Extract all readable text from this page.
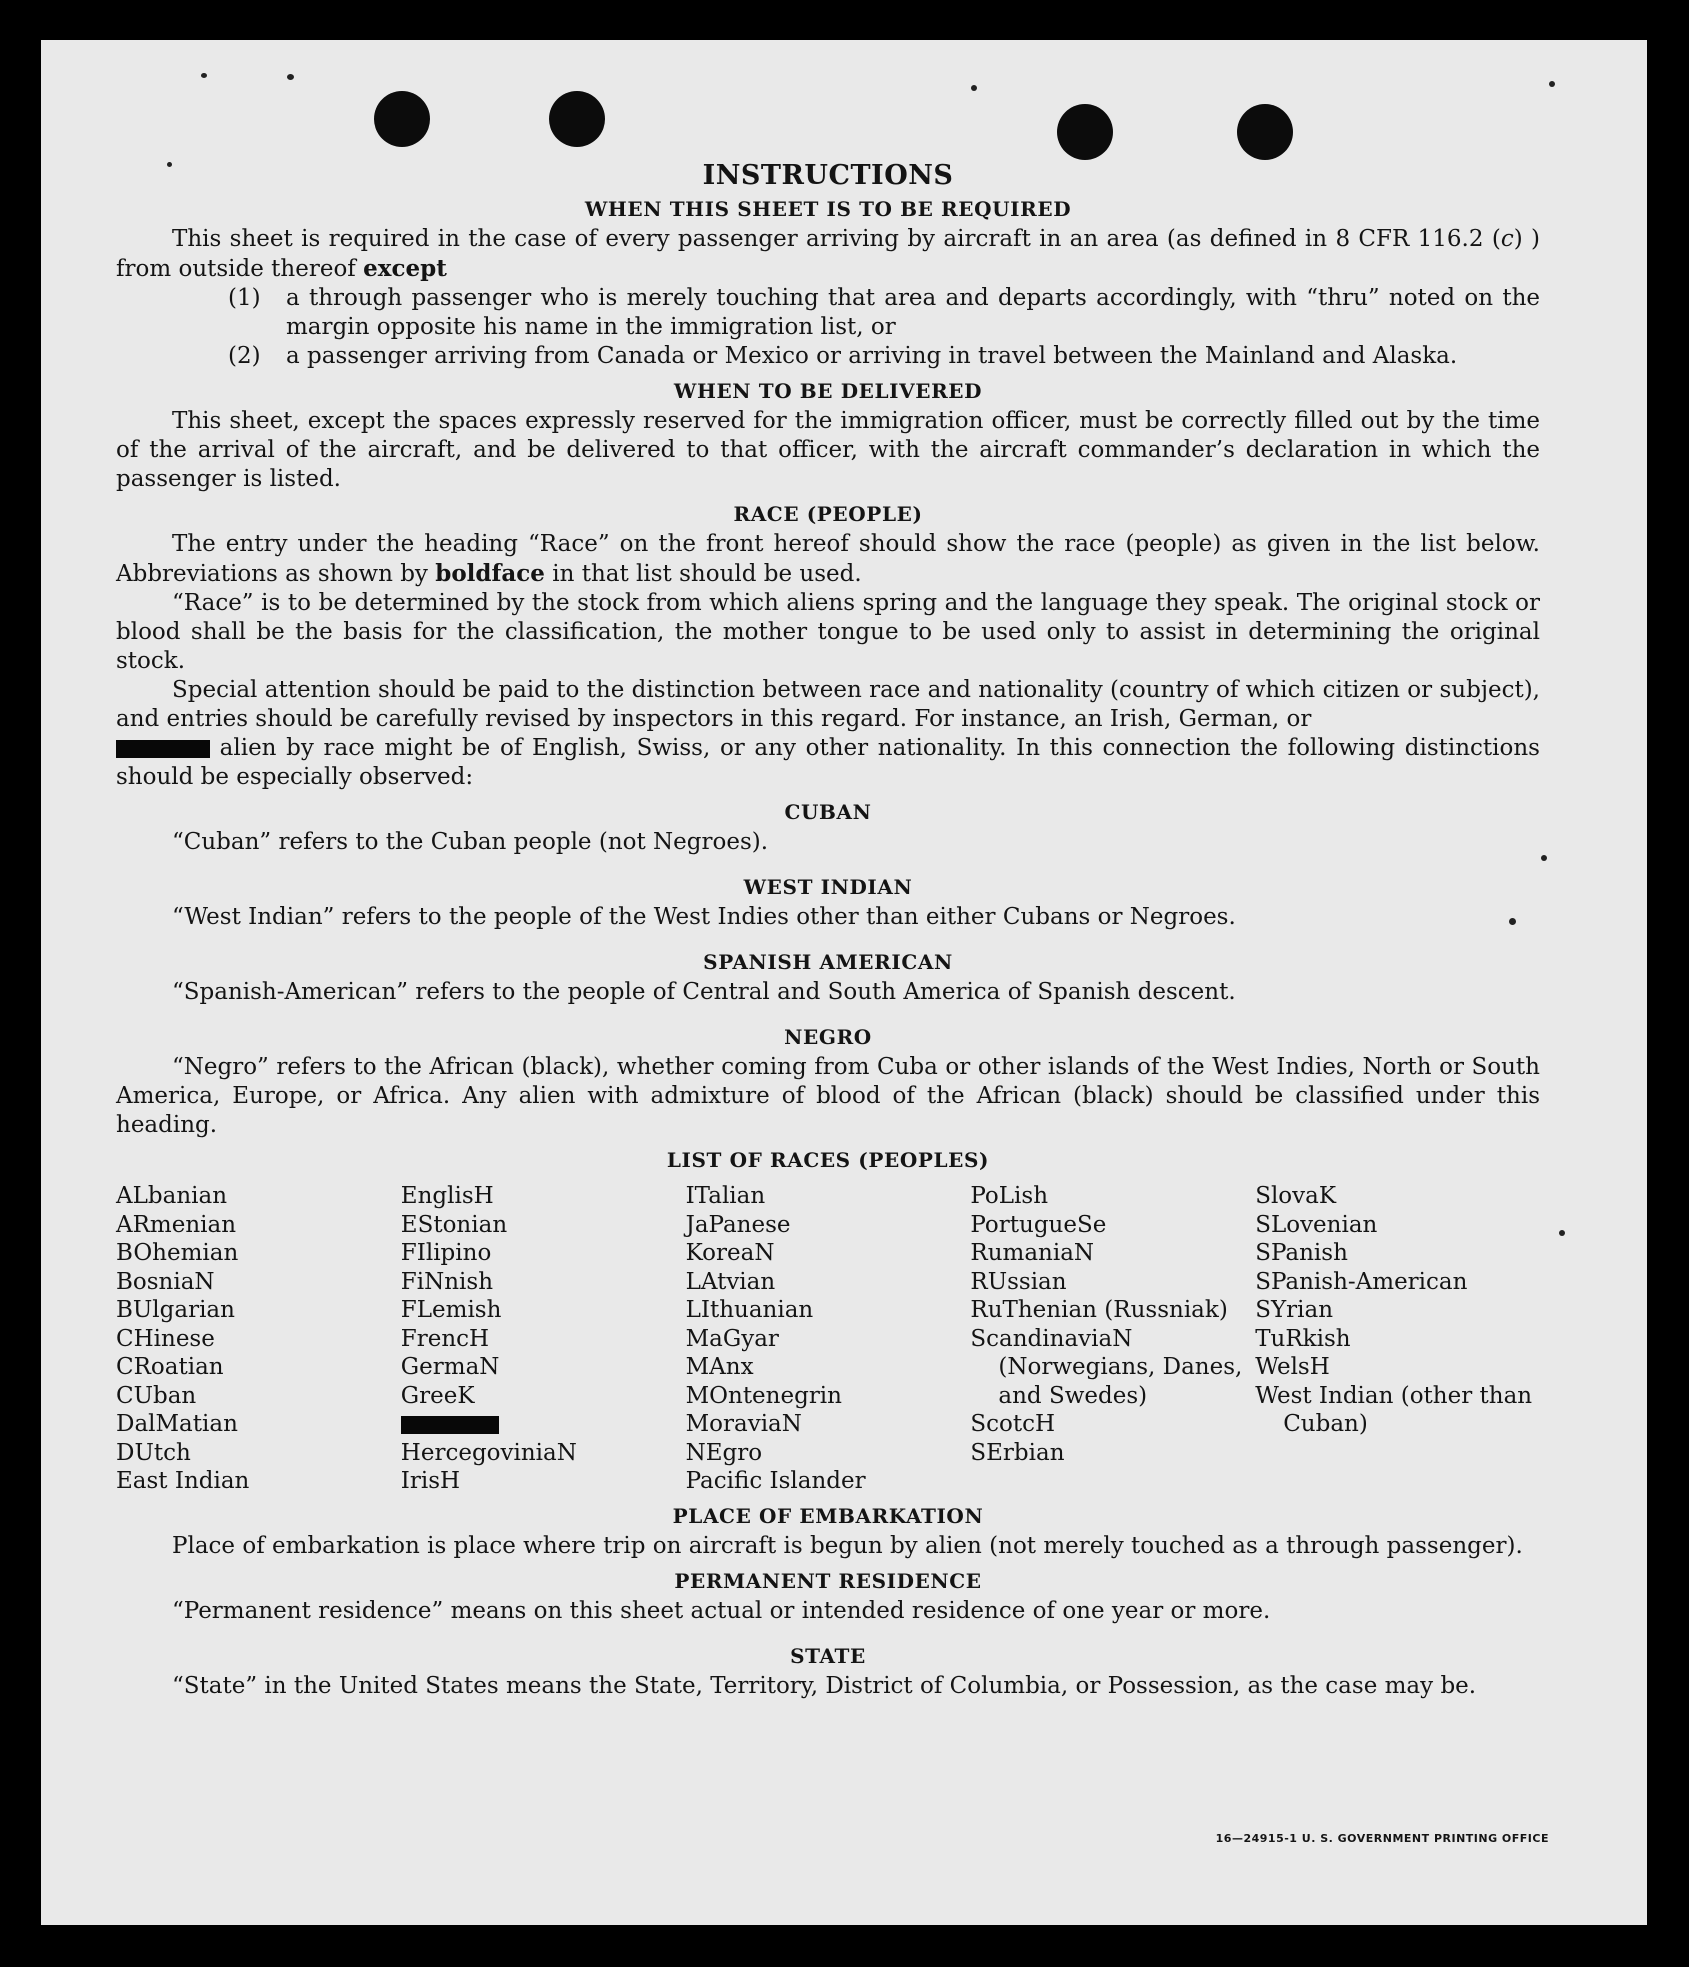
INSTRUCTIONS
WHEN THIS SHEET IS TO BE REQUIRED

This sheet is required in the case of every passenger arriving by aircraft in an area (as defined in 8 CFR 116.2 (c) ) from outside thereof except

(1)	a through passenger who is merely touching that area and departs accordingly, with “thru” noted on the margin opposite his name in the immigration list, or
(2)	a passenger arriving from Canada or Mexico or arriving in travel between the Mainland and Alaska.
WHEN TO BE DELIVERED

This sheet, except the spaces expressly reserved for the immigration officer, must be correctly filled out by the time of the arrival of the aircraft, and be delivered to that officer, with the aircraft commander’s declaration in which the passenger is listed.

RACE (PEOPLE)

The entry under the heading “Race” on the front hereof should show the race (people) as given in the list below. Abbreviations as shown by boldface in that list should be used.

“Race” is to be determined by the stock from which aliens spring and the language they speak. The original stock or blood shall be the basis for the classification, the mother tongue to be used only to assist in determining the original stock.

Special attention should be paid to the distinction between race and nationality (country of which citizen or subject), and entries should be carefully revised by inspectors in this regard. For instance, an Irish, German, or
alien by race might be of English, Swiss, or any other nationality. In this connection the following distinctions should be especially observed:

CUBAN

“Cuban” refers to the Cuban people (not Negroes).

WEST INDIAN

“West Indian” refers to the people of the West Indies other than either Cubans or Negroes.

SPANISH AMERICAN

“Spanish-American” refers to the people of Central and South America of Spanish descent.

NEGRO

“Negro” refers to the African (black), whether coming from Cuba or other islands of the West Indies, North or South America, Europe, or Africa. Any alien with admixture of blood of the African (black) should be classified under this heading.

LIST OF RACES (PEOPLES)
ALbanian
ARmenian
BOhemian
BosniaN
BUlgarian
CHinese
CRoatian
CUban
DalMatian
DUtch
East Indian
EnglisH
EStonian
FIlipino
FiNnish
FLemish
FrencH
GermaN
GreeK
HercegoviniaN
IrisH
ITalian
JaPanese
KoreaN
LAtvian
LIthuanian
MaGyar
MAnx
MOntenegrin
MoraviaN
NEgro
Pacific Islander
PoLish
PortugueSe
RumaniaN
RUssian
RuThenian (Russniak)
ScandinaviaN (Norwegians, Danes, and Swedes)
ScotcH
SErbian
SlovaK
SLovenian
SPanish
SPanish-American
SYrian
TuRkish
WelsH
West Indian (other than Cuban)
PLACE OF EMBARKATION

Place of embarkation is place where trip on aircraft is begun by alien (not merely touched as a through passenger).

PERMANENT RESIDENCE

“Permanent residence” means on this sheet actual or intended residence of one year or more.

STATE

“State” in the United States means the State, Territory, District of Columbia, or Possession, as the case may be.

16—24915-1 U. S. GOVERNMENT PRINTING OFFICE
